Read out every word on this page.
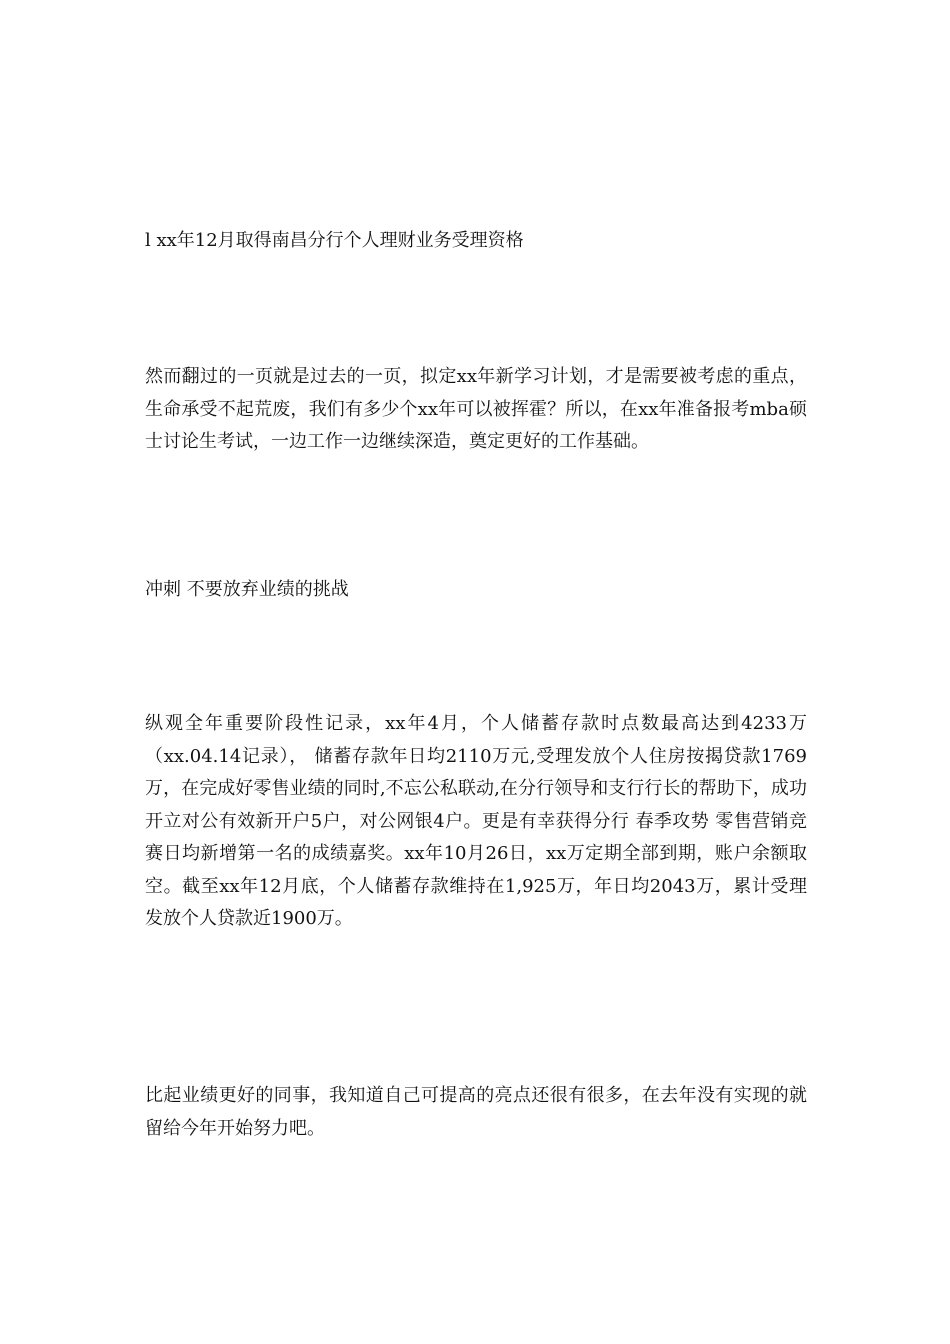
l xx年12月取得南昌分行个人理财业务受理资格

然而翻过的一页就是过去的一页，拟定xx年新学习计划，才是需要被考虑的重点，生命承受不起荒废，我们有多少个xx年可以被挥霍？所以，在xx年准备报考mba硕士讨论生考试，一边工作一边继续深造，奠定更好的工作基础。

冲刺 不要放弃业绩的挑战

纵观全年重要阶段性记录，xx年4月，个人储蓄存款时点数最高达到4233万（xx.04.14记录）， 储蓄存款年日均2110万元,受理发放个人住房按揭贷款1769万，在完成好零售业绩的同时,不忘公私联动,在分行领导和支行行长的帮助下，成功开立对公有效新开户5户，对公网银4户。更是有幸获得分行 春季攻势 零售营销竞赛日均新增第一名的成绩嘉奖。xx年10月26日，xx万定期全部到期，账户余额取空。截至xx年12月底，个人储蓄存款维持在1,925万，年日均2043万，累计受理发放个人贷款近1900万。

比起业绩更好的同事，我知道自己可提高的亮点还很有很多，在去年没有实现的就留给今年开始努力吧。
